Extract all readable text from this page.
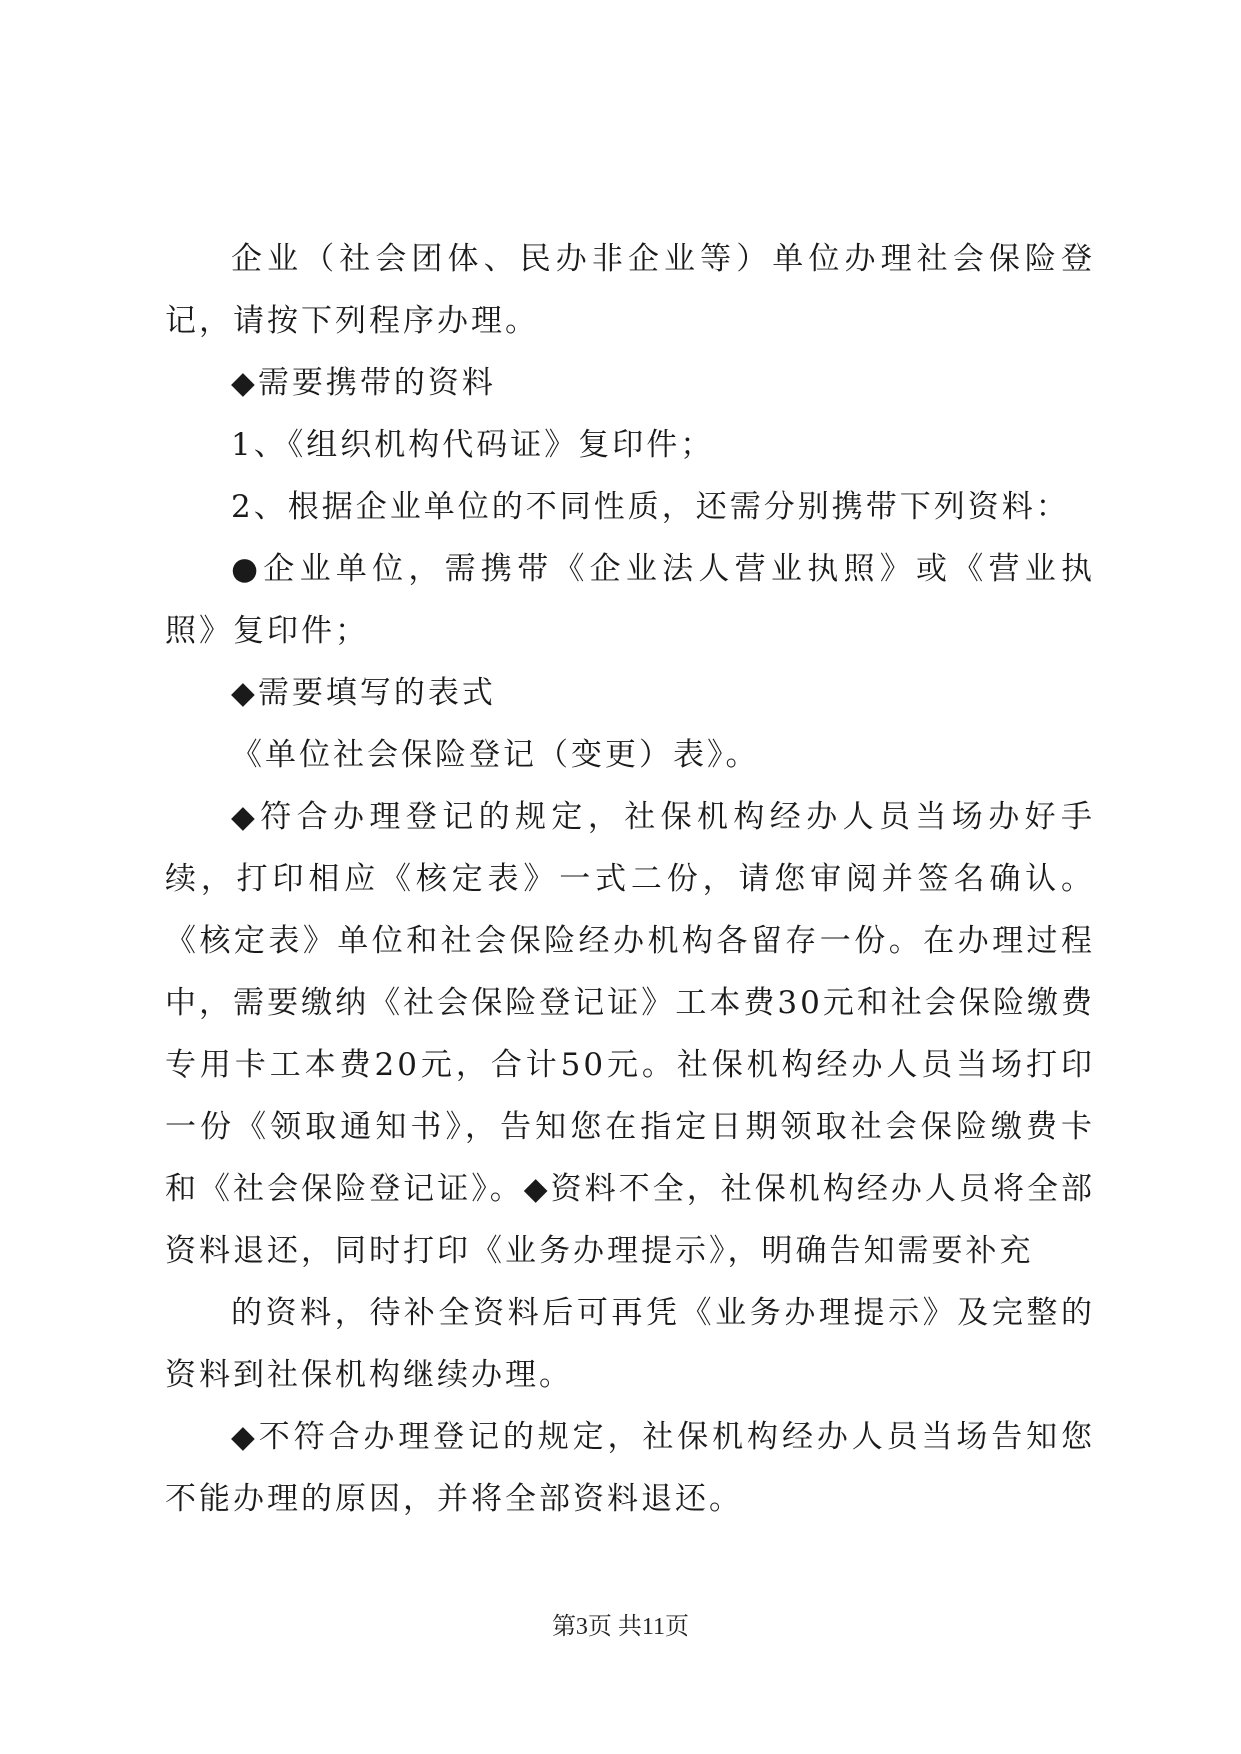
企业（社会团体、民办非企业等）单位办理社会保险登记，请按下列程序办理。

◆需要携带的资料

1、《组织机构代码证》复印件；

2、根据企业单位的不同性质，还需分别携带下列资料：

●企业单位，需携带《企业法人营业执照》或《营业执照》复印件；

◆需要填写的表式

《单位社会保险登记（变更）表》。

◆符合办理登记的规定，社保机构经办人员当场办好手续，打印相应《核定表》一式二份，请您审阅并签名确认。《核定表》单位和社会保险经办机构各留存一份。在办理过程中，需要缴纳《社会保险登记证》工本费30元和社会保险缴费专用卡工本费20元，合计50元。社保机构经办人员当场打印一份《领取通知书》，告知您在指定日期领取社会保险缴费卡和《社会保险登记证》。◆资料不全，社保机构经办人员将全部资料退还，同时打印《业务办理提示》，明确告知需要补充

的资料，待补全资料后可再凭《业务办理提示》及完整的资料到社保机构继续办理。

◆不符合办理登记的规定，社保机构经办人员当场告知您不能办理的原因，并将全部资料退还。

第3页 共11页
